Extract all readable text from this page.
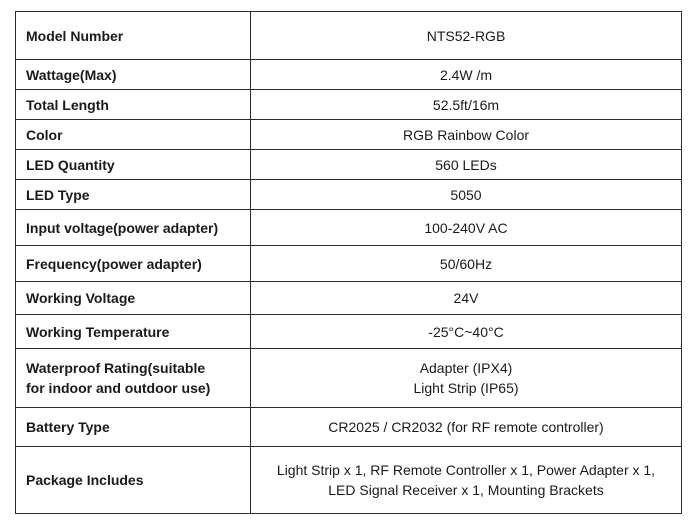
Model Number	NTS52-RGB
Wattage(Max)	2.4W /m
Total Length	52.5ft/16m
Color	RGB Rainbow Color
LED Quantity	560 LEDs
LED Type	5050
Input voltage(power adapter)	100-240V AC
Frequency(power adapter)	50/60Hz
Working Voltage	24V
Working Temperature	-25°C~40°C

Waterproof Rating(suitable
for indoor and outdoor use)	Adapter (IPX4)
Light Strip (IP65)

Battery Type	CR2025 / CR2032 (for RF remote controller)
Package Includes	Light Strip x 1, RF Remote Controller x 1, Power Adapter x 1,
LED Signal Receiver x 1, Mounting Brackets
